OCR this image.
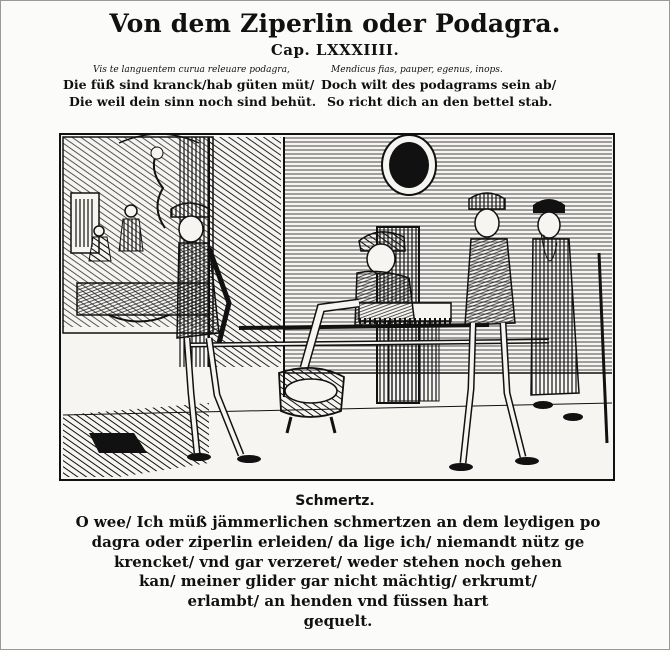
Von dem Ziperlin oder Podagra.
Cap. LXXXIIII.
Vis te languentem curua releuare podagra,
Die füß sind kranck/hab güten müt/
Die weil dein sinn noch sind behüt.
Mendicus fias, pauper, egenus, inops.
Doch wilt des podagrams sein ab/
So richt dich an den bettel stab.
Schmertz.
O wee/ Ich müß jämmerlichen schmertzen an dem leydigen po
dagra oder ziperlin erleiden/ da lige ich/ niemandt nütz ge
krencket/ vnd gar verzeret/ weder stehen noch gehen
kan/ meiner glider gar nicht mächtig/ erkrumt/
erlambt/ an henden vnd füssen hart
gequelt.
